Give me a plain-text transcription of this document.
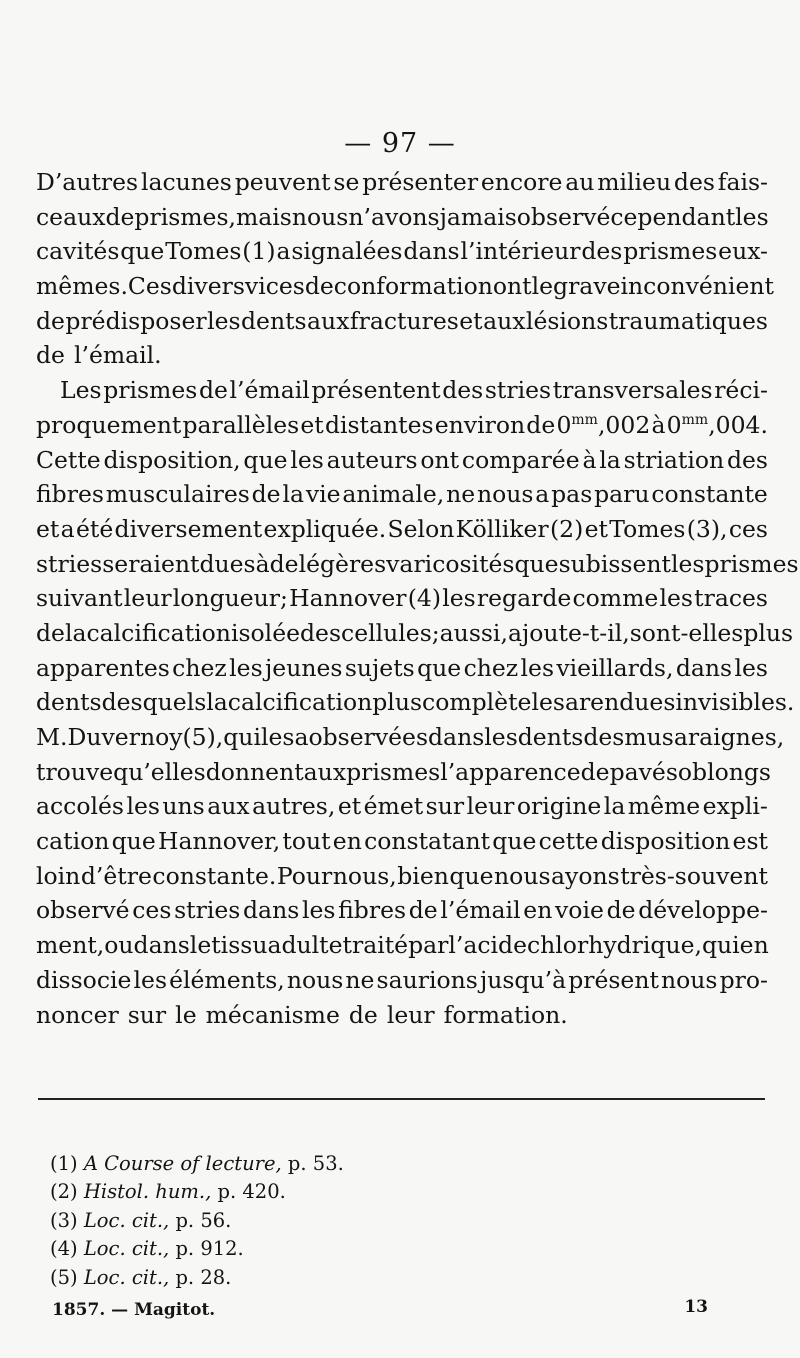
— 97 —
D’autres lacunes peuvent se présenter encore au milieu des fais-
ceaux de prismes, mais nous n’avons jamais observé cependant les
cavités que Tomes (1) a signalées dans l’intérieur des prismes eux-
mêmes. Ces divers vices de conformation ont le grave inconvénient
de prédisposer les dents aux fractures et aux lésions traumatiques
de l’émail.
Les prismes de l’émail présentent des stries transversales réci-
proquement parallèles et distantes environ de $0^{mm},002$ à $0^{mm},004$.
Cette disposition, que les auteurs ont comparée à la striation des
fibres musculaires de la vie animale, ne nous a pas paru constante
et a été diversement expliquée. Selon Kölliker (2) et Tomes (3), ces
stries seraient dues à de légères varicosités que subissent les prismes
suivant leur longueur; Hannover (4) les regarde comme les traces
de la calcification isolée des cellules; aussi, ajoute-t-il, sont-elles plus
apparentes chez les jeunes sujets que chez les vieillards, dans les
dents desquels la calcification plus complète les a rendues invisibles.
M. Duvernoy (5), qui les a observées dans les dents des musaraignes,
trouve qu’elles donnent aux prismes l’apparence de pavés oblongs
accolés les uns aux autres, et émet sur leur origine la même expli-
cation que Hannover, tout en constatant que cette disposition est
loin d’être constante. Pour nous, bien que nous ayons très-souvent
observé ces stries dans les fibres de l’émail en voie de développe-
ment, ou dans le tissu adulte traité par l’acide chlorhydrique, qui en
dissocie les éléments, nous ne saurions jusqu’à présent nous pro-
noncer sur le mécanisme de leur formation.
(1) A Course of lecture, p. 53.
(2) Histol. hum., p. 420.
(3) Loc. cit., p. 56.
(4) Loc. cit., p. 912.
(5) Loc. cit., p. 28.
1857. — Magitot.	13
